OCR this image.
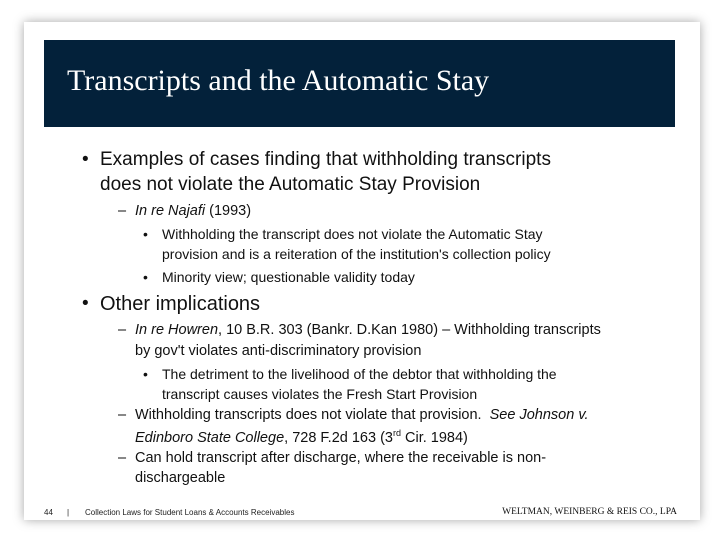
Transcripts and the Automatic Stay
• Examples of cases finding that withholding transcripts
does not violate the Automatic Stay Provision
– In re Najafi (1993)
• Withholding the transcript does not violate the Automatic Stay
provision and is a reiteration of the institution's collection policy
• Minority view; questionable validity today
• Other implications
– In re Howren, 10 B.R. 303 (Bankr. D.Kan 1980) – Withholding transcripts
by gov't violates anti-discriminatory provision
• The detriment to the livelihood of the debtor that withholding the
transcript causes violates the Fresh Start Provision
– Withholding transcripts does not violate that provision.  See Johnson v.
Edinboro State College, 728 F.2d 163 (3rd Cir. 1984)
– Can hold transcript after discharge, where the receivable is non-
dischargeable
44 | Collection Laws for Student Loans & Accounts Receivables	WELTMAN, WEINBERG & REIS CO., LPA
